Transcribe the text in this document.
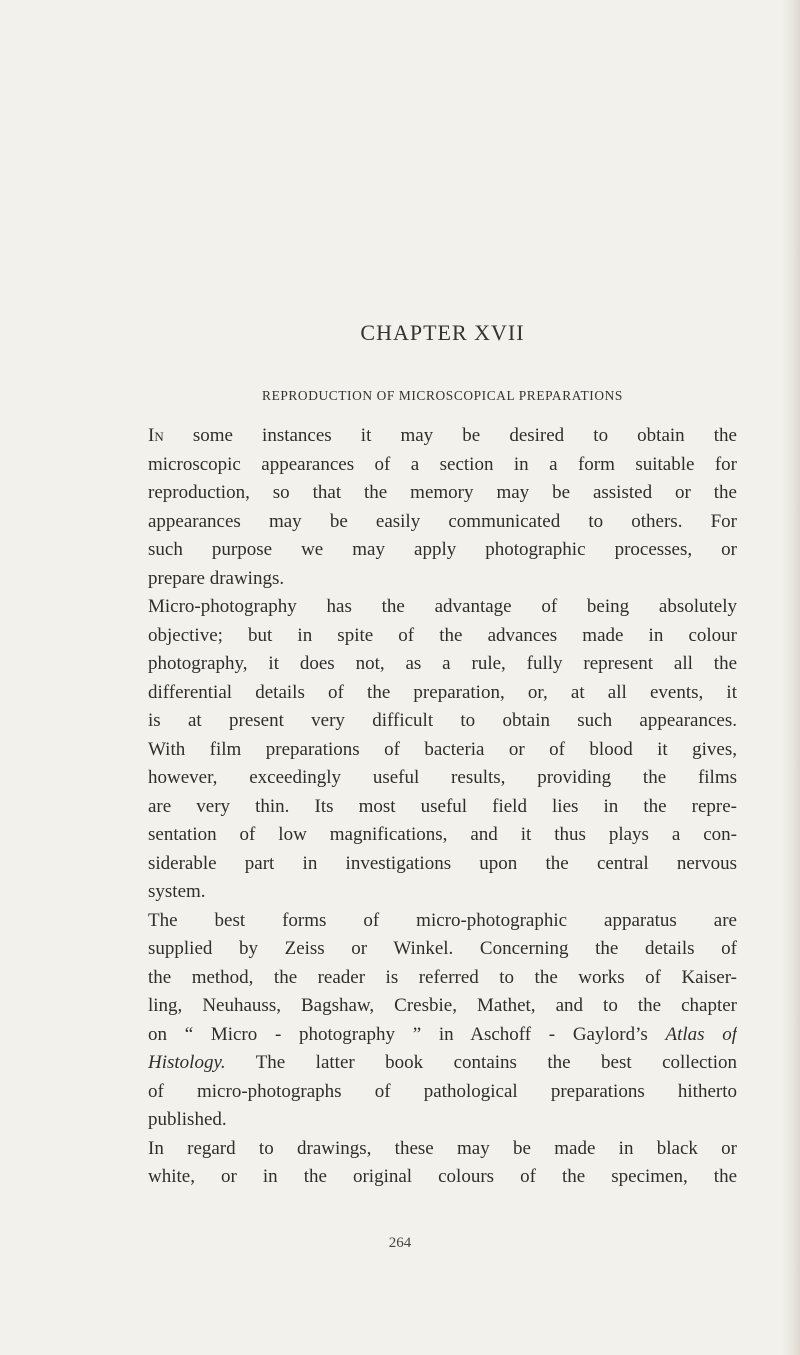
CHAPTER XVII
REPRODUCTION OF MICROSCOPICAL PREPARATIONS
In some instances it may be desired to obtain the
microscopic appearances of a section in a form suitable for
reproduction, so that the memory may be assisted or the
appearances may be easily communicated to others. For
such purpose we may apply photographic processes, or
prepare drawings.
Micro-photography has the advantage of being absolutely
objective; but in spite of the advances made in colour
photography, it does not, as a rule, fully represent all the
differential details of the preparation, or, at all events, it
is at present very difficult to obtain such appearances.
With film preparations of bacteria or of blood it gives,
however, exceedingly useful results, providing the films
are very thin. Its most useful field lies in the repre-
sentation of low magnifications, and it thus plays a con-
siderable part in investigations upon the central nervous
system.
The best forms of micro-photographic apparatus are
supplied by Zeiss or Winkel. Concerning the details of
the method, the reader is referred to the works of Kaiser-
ling, Neuhauss, Bagshaw, Cresbie, Mathet, and to the chapter
on “ Micro - photography ” in Aschoff - Gaylord’s Atlas of
Histology. The latter book contains the best collection
of micro-photographs of pathological preparations hitherto
published.
In regard to drawings, these may be made in black or
white, or in the original colours of the specimen, the
264
